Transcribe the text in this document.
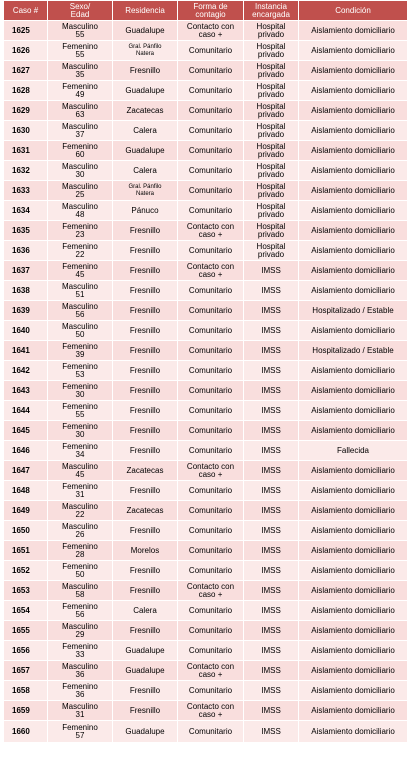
Caso #	Sexo/
Edad	Residencia	Forma de
contagio	Instancia
encargada	Condición
1625	Masculino
55	Guadalupe	Contacto con
caso +	Hospital
privado	Aislamiento domiciliario
1626	Femenino
55	Gral. Pánfilo
Natera	Comunitario	Hospital
privado	Aislamiento domiciliario
1627	Masculino
35	Fresnillo	Comunitario	Hospital
privado	Aislamiento domiciliario
1628	Femenino
49	Guadalupe	Comunitario	Hospital
privado	Aislamiento domiciliario
1629	Masculino
63	Zacatecas	Comunitario	Hospital
privado	Aislamiento domiciliario
1630	Masculino
37	Calera	Comunitario	Hospital
privado	Aislamiento domiciliario
1631	Femenino
60	Guadalupe	Comunitario	Hospital
privado	Aislamiento domiciliario
1632	Masculino
30	Calera	Comunitario	Hospital
privado	Aislamiento domiciliario
1633	Masculino
25	Gral. Pánfilo
Natera	Comunitario	Hospital
privado	Aislamiento domiciliario
1634	Masculino
48	Pánuco	Comunitario	Hospital
privado	Aislamiento domiciliario
1635	Femenino
23	Fresnillo	Contacto con
caso +	Hospital
privado	Aislamiento domiciliario
1636	Femenino
22	Fresnillo	Comunitario	Hospital
privado	Aislamiento domiciliario
1637	Femenino
45	Fresnillo	Contacto con
caso +	IMSS	Aislamiento domiciliario
1638	Masculino
51	Fresnillo	Comunitario	IMSS	Aislamiento domiciliario
1639	Masculino
56	Fresnillo	Comunitario	IMSS	Hospitalizado / Estable
1640	Masculino
50	Fresnillo	Comunitario	IMSS	Aislamiento domiciliario
1641	Femenino
39	Fresnillo	Comunitario	IMSS	Hospitalizado / Estable
1642	Femenino
53	Fresnillo	Comunitario	IMSS	Aislamiento domiciliario
1643	Femenino
30	Fresnillo	Comunitario	IMSS	Aislamiento domiciliario
1644	Femenino
55	Fresnillo	Comunitario	IMSS	Aislamiento domiciliario
1645	Femenino
30	Fresnillo	Comunitario	IMSS	Aislamiento domiciliario
1646	Femenino
34	Fresnillo	Comunitario	IMSS	Fallecida
1647	Masculino
45	Zacatecas	Contacto con
caso +	IMSS	Aislamiento domiciliario
1648	Femenino
31	Fresnillo	Comunitario	IMSS	Aislamiento domiciliario
1649	Masculino
22	Zacatecas	Comunitario	IMSS	Aislamiento domiciliario
1650	Masculino
26	Fresnillo	Comunitario	IMSS	Aislamiento domiciliario
1651	Femenino
28	Morelos	Comunitario	IMSS	Aislamiento domiciliario
1652	Femenino
50	Fresnillo	Comunitario	IMSS	Aislamiento domiciliario
1653	Masculino
58	Fresnillo	Contacto con
caso +	IMSS	Aislamiento domiciliario
1654	Femenino
56	Calera	Comunitario	IMSS	Aislamiento domiciliario
1655	Masculino
29	Fresnillo	Comunitario	IMSS	Aislamiento domiciliario
1656	Femenino
33	Guadalupe	Comunitario	IMSS	Aislamiento domiciliario
1657	Masculino
36	Guadalupe	Contacto con
caso +	IMSS	Aislamiento domiciliario
1658	Femenino
36	Fresnillo	Comunitario	IMSS	Aislamiento domiciliario
1659	Masculino
31	Fresnillo	Contacto con
caso +	IMSS	Aislamiento domiciliario
1660	Femenino
57	Guadalupe	Comunitario	IMSS	Aislamiento domiciliario
